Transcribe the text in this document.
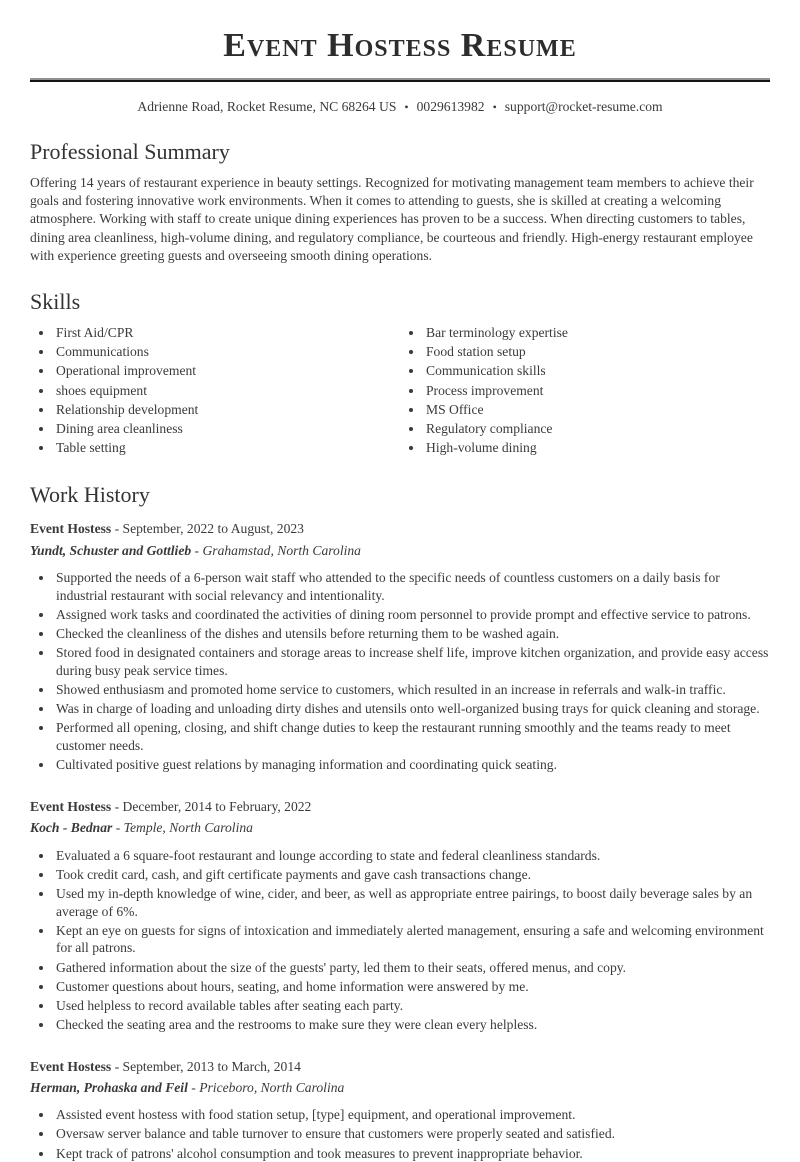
Event Hostess Resume
Adrienne Road, Rocket Resume, NC 68264 US • 0029613982 • support@rocket-resume.com
Professional Summary

Offering 14 years of restaurant experience in beauty settings. Recognized for motivating management team members to achieve their goals and fostering innovative work environments. When it comes to attending to guests, she is skilled at creating a welcoming atmosphere. Working with staff to create unique dining experiences has proven to be a success. When directing customers to tables, dining area cleanliness, high-volume dining, and regulatory compliance, be courteous and friendly. High-energy restaurant employee with experience greeting guests and overseeing smooth dining operations.

Skills
• First Aid/CPR
• Communications
• Operational improvement
• shoes equipment
• Relationship development
• Dining area cleanliness
• Table setting
• Bar terminology expertise
• Food station setup
• Communication skills
• Process improvement
• MS Office
• Regulatory compliance
• High-volume dining
Work History
Event Hostess - September, 2022 to August, 2023
Yundt, Schuster and Gottlieb - Grahamstad, North Carolina
• Supported the needs of a 6-person wait staff who attended to the specific needs of countless customers on a daily basis for industrial restaurant with social relevancy and intentionality.
• Assigned work tasks and coordinated the activities of dining room personnel to provide prompt and effective service to patrons.
• Checked the cleanliness of the dishes and utensils before returning them to be washed again.
• Stored food in designated containers and storage areas to increase shelf life, improve kitchen organization, and provide easy access during busy peak service times.
• Showed enthusiasm and promoted home service to customers, which resulted in an increase in referrals and walk-in traffic.
• Was in charge of loading and unloading dirty dishes and utensils onto well-organized busing trays for quick cleaning and storage.
• Performed all opening, closing, and shift change duties to keep the restaurant running smoothly and the teams ready to meet customer needs.
• Cultivated positive guest relations by managing information and coordinating quick seating.
Event Hostess - December, 2014 to February, 2022
Koch - Bednar - Temple, North Carolina
• Evaluated a 6 square-foot restaurant and lounge according to state and federal cleanliness standards.
• Took credit card, cash, and gift certificate payments and gave cash transactions change.
• Used my in-depth knowledge of wine, cider, and beer, as well as appropriate entree pairings, to boost daily beverage sales by an average of 6%.
• Kept an eye on guests for signs of intoxication and immediately alerted management, ensuring a safe and welcoming environment for all patrons.
• Gathered information about the size of the guests' party, led them to their seats, offered menus, and copy.
• Customer questions about hours, seating, and home information were answered by me.
• Used helpless to record available tables after seating each party.
• Checked the seating area and the restrooms to make sure they were clean every helpless.
Event Hostess - September, 2013 to March, 2014
Herman, Prohaska and Feil - Priceboro, North Carolina
• Assisted event hostess with food station setup, [type] equipment, and operational improvement.
• Oversaw server balance and table turnover to ensure that customers were properly seated and satisfied.
• Kept track of patrons' alcohol consumption and took measures to prevent inappropriate behavior.
